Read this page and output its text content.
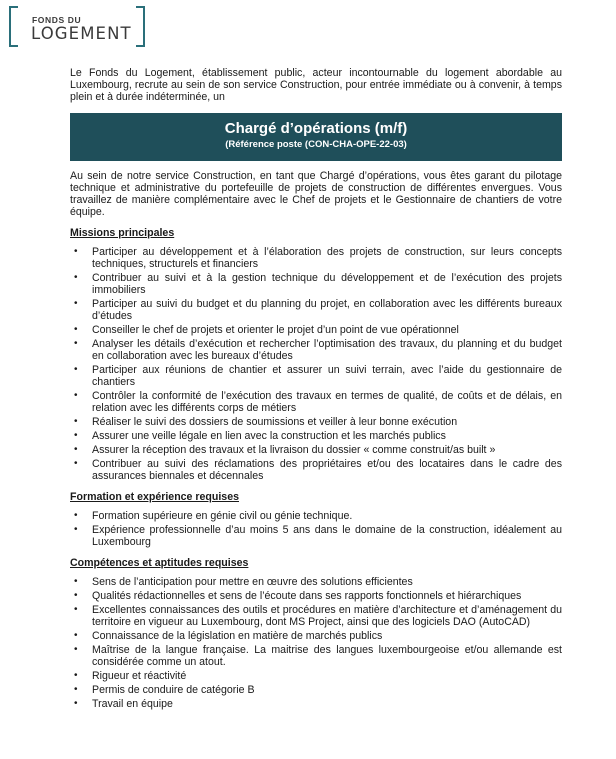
FONDS DU
LOGEMENT

Le Fonds du Logement, établissement public, acteur incontournable du logement abordable au Luxembourg, recrute au sein de son service Construction, pour entrée immédiate ou à convenir, à temps plein et à durée indéterminée, un

Chargé d’opérations (m/f)
(Référence poste (CON-CHA-OPE-22-03)

Au sein de notre service Construction, en tant que Chargé d’opérations, vous êtes garant du pilotage technique et administrative du portefeuille de projets de construction de différentes envergues. Vous travaillez de manière complémentaire avec le Chef de projets et le Gestionnaire de chantiers de votre équipe.

Missions principales
• Participer au développement et à l’élaboration des projets de construction, sur leurs concepts techniques, structurels et financiers
• Contribuer au suivi et à la gestion technique du développement et de l’exécution des projets immobiliers
• Participer au suivi du budget et du planning du projet, en collaboration avec les différents bureaux d’études
• Conseiller le chef de projets et orienter le projet d’un point de vue opérationnel
• Analyser les détails d’exécution et rechercher l’optimisation des travaux, du planning et du budget en collaboration avec les bureaux d’études
• Participer aux réunions de chantier et assurer un suivi terrain, avec l’aide du gestionnaire de chantiers
• Contrôler la conformité de l’exécution des travaux en termes de qualité, de coûts et de délais, en relation avec les différents corps de métiers
• Réaliser le suivi des dossiers de soumissions et veiller à leur bonne exécution
• Assurer une veille légale en lien avec la construction et les marchés publics
• Assurer la réception des travaux et la livraison du dossier « comme construit/as built »
• Contribuer au suivi des réclamations des propriétaires et/ou des locataires dans le cadre des assurances biennales et décennales
Formation et expérience requises
• Formation supérieure en génie civil ou génie technique.
• Expérience professionnelle d’au moins 5 ans dans le domaine de la construction, idéalement au Luxembourg
Compétences et aptitudes requises
• Sens de l’anticipation pour mettre en œuvre des solutions efficientes
• Qualités rédactionnelles et sens de l’écoute dans ses rapports fonctionnels et hiérarchiques
• Excellentes connaissances des outils et procédures en matière d’architecture et d’aménagement du territoire en vigueur au Luxembourg, dont MS Project, ainsi que des logiciels DAO (AutoCAD)
• Connaissance de la législation en matière de marchés publics
• Maîtrise de la langue française. La maitrise des langues luxembourgeoise et/ou allemande est considérée comme un atout.
• Rigueur et réactivité
• Permis de conduire de catégorie B
• Travail en équipe
